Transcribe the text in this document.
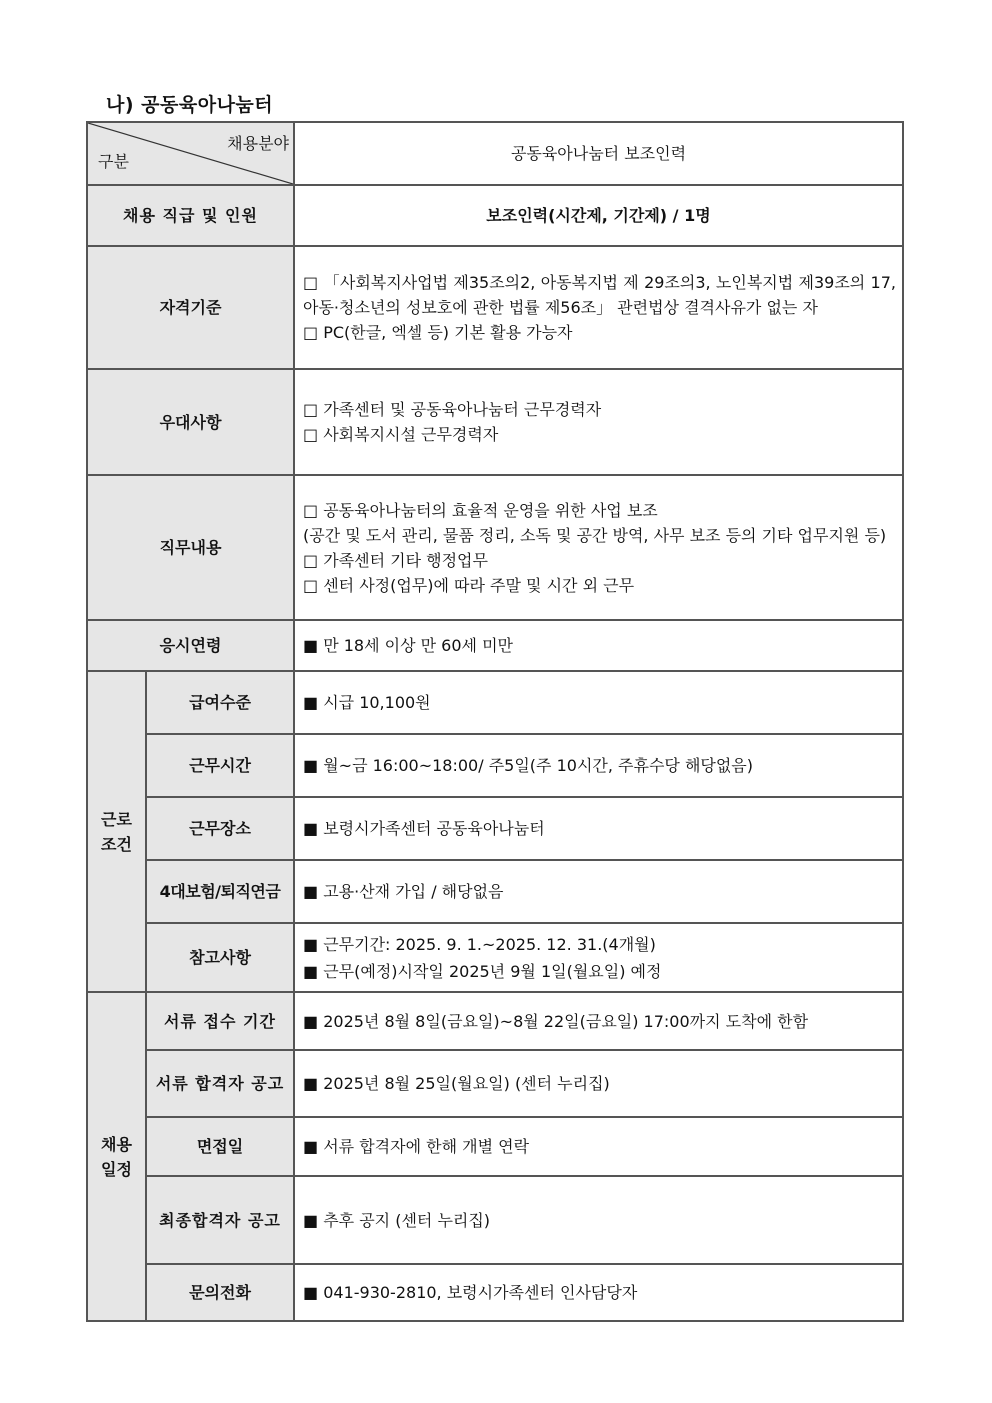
나) 공동육아나눔터
채용분야
구분		공동육아나눔터 보조인력
채용 직급 및 인원		보조인력(시간제, 기간제) / 1명
자격기준		□ 「사회복지사업법 제35조의2, 아동복지법 제 29조의3, 노인복지법 제39조의 17, 아동·청소년의 성보호에 관한 법률 제56조」 관련법상 결격사유가 없는 자
□ PC(한글, 엑셀 등) 기본 활용 가능자

우대사항		□ 가족센터 및 공동육아나눔터 근무경력자
□ 사회복지시설 근무경력자

직무내용		□ 공동육아나눔터의 효율적 운영을 위한 사업 보조
(공간 및 도서 관리, 물품 정리, 소독 및 공간 방역, 사무 보조 등의 기타 업무지원 등)
□ 가족센터 기타 행정업무
□ 센터 사정(업무)에 따라 주말 및 시간 외 근무

응시연령		■ 만 18세 이상 만 60세 미만

근로
조건	급여수준	■ 시급 10,100원
	근무시간	■ 월~금 16:00~18:00/ 주5일(주 10시간, 주휴수당 해당없음)
	근무장소	■ 보령시가족센터 공동육아나눔터
	4대보험/퇴직연금	■ 고용·산재 가입 / 해당없음
	참고사항	■ 근무기간: 2025. 9. 1.~2025. 12. 31.(4개월)
■ 근무(예정)시작일 2025년 9월 1일(월요일) 예정

채용
일정	서류 접수 기간	■ 2025년 8월 8일(금요일)~8월 22일(금요일) 17:00까지 도착에 한함
	서류 합격자 공고	■ 2025년 8월 25일(월요일) (센터 누리집)
	면접일	■ 서류 합격자에 한해 개별 연락
	최종합격자 공고	■ 추후 공지 (센터 누리집)
	문의전화	■ 041-930-2810, 보령시가족센터 인사담당자
